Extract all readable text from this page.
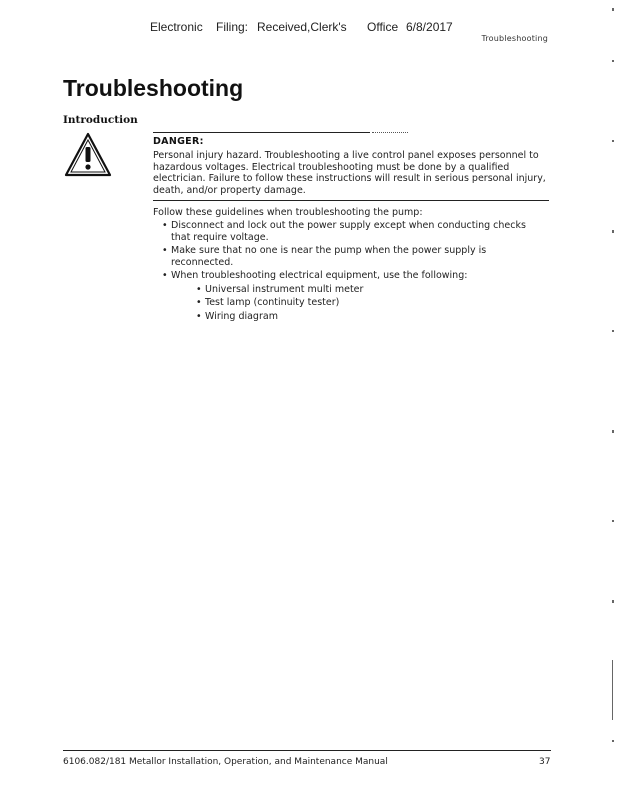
Electronic Filing: Received,Clerk's Office 6/8/2017
Troubleshooting
Troubleshooting
Introduction
DANGER:
Personal injury hazard. Troubleshooting a live control panel exposes personnel to hazardous voltages. Electrical troubleshooting must be done by a qualified electrician. Failure to follow these instructions will result in serious personal injury, death, and/or property damage.
Follow these guidelines when troubleshooting the pump:
• Disconnect and lock out the power supply except when conducting checks that require voltage.
• Make sure that no one is near the pump when the power supply is reconnected.
• When troubleshooting electrical equipment, use the following:
• Universal instrument multi meter
• Test lamp (continuity tester)
• Wiring diagram
6106.082/181 Metallor Installation, Operation, and Maintenance Manual	37
